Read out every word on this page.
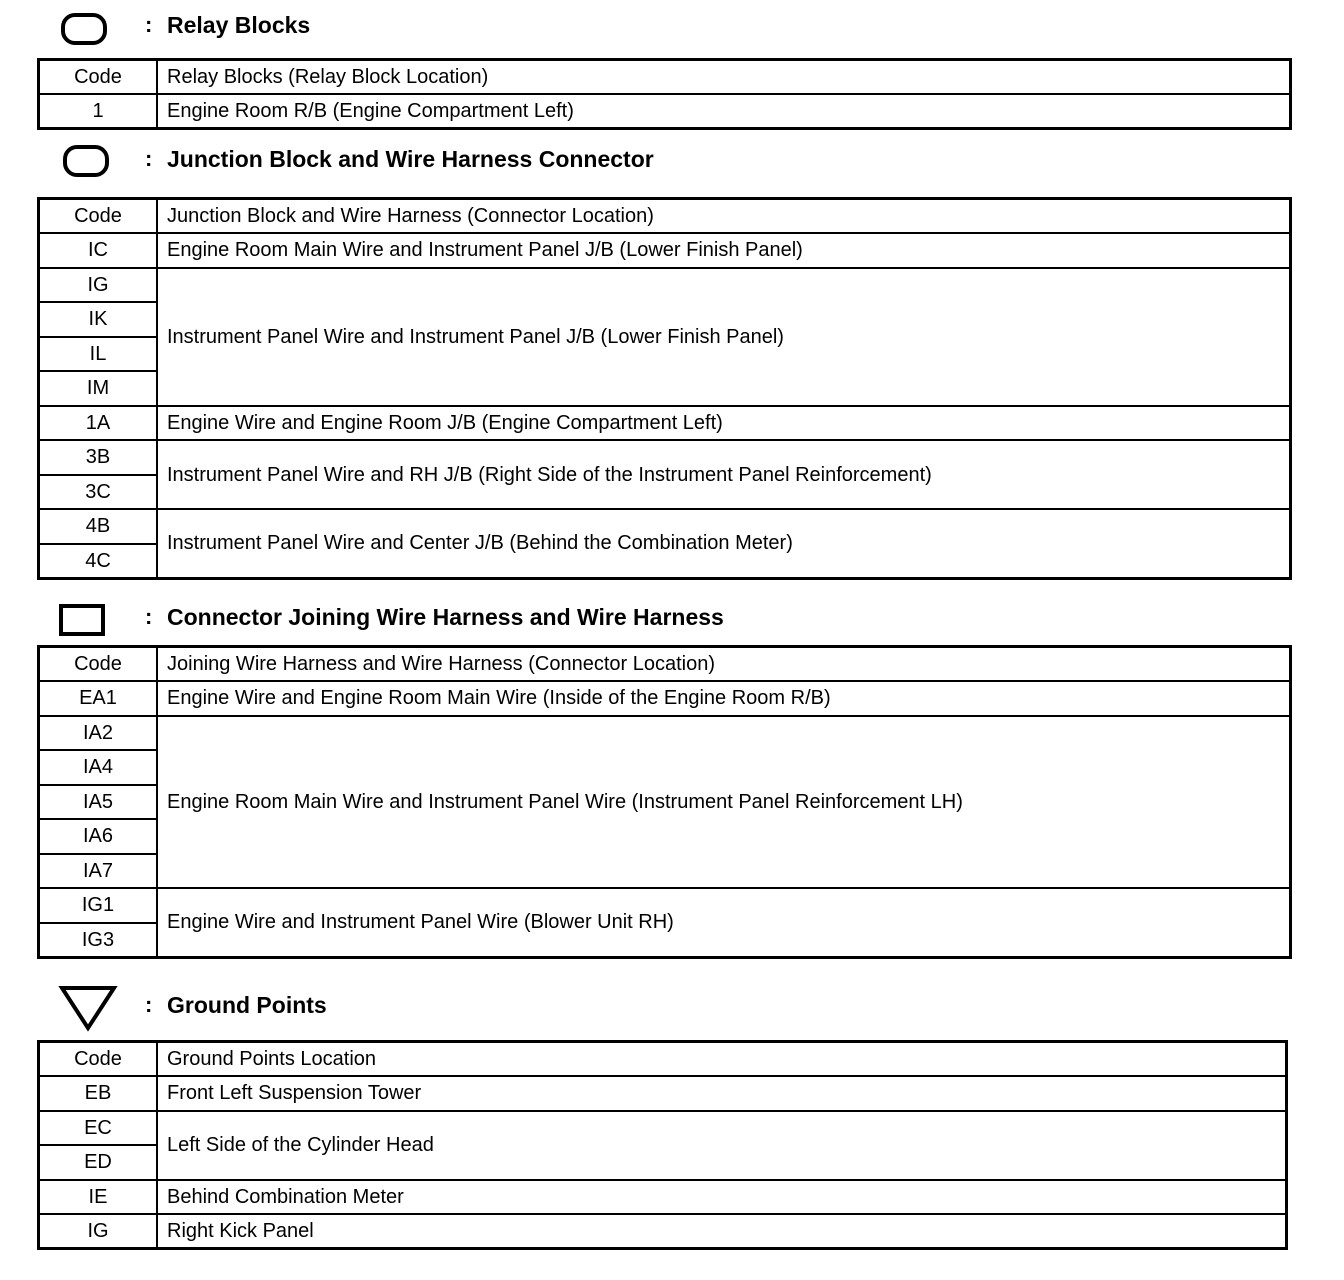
: Relay Blocks
Code	Relay Blocks (Relay Block Location)
1	Engine Room R/B (Engine Compartment Left)
: Junction Block and Wire Harness Connector
Code	Junction Block and Wire Harness (Connector Location)
IC	Engine Room Main Wire and Instrument Panel J/B (Lower Finish Panel)
IG	Instrument Panel Wire and Instrument Panel J/B (Lower Finish Panel)
IK	
IL	
IM	
1A	Engine Wire and Engine Room J/B (Engine Compartment Left)
3B	Instrument Panel Wire and RH J/B (Right Side of the Instrument Panel Reinforcement)
3C	
4B	Instrument Panel Wire and Center J/B (Behind the Combination Meter)
4C	
: Connector Joining Wire Harness and Wire Harness
Code	Joining Wire Harness and Wire Harness (Connector Location)
EA1	Engine Wire and Engine Room Main Wire (Inside of the Engine Room R/B)
IA2	Engine Room Main Wire and Instrument Panel Wire (Instrument Panel Reinforcement LH)
IA4	
IA5	
IA6	
IA7	
IG1	Engine Wire and Instrument Panel Wire (Blower Unit RH)
IG3	
: Ground Points
Code	Ground Points Location
EB	Front Left Suspension Tower
EC	Left Side of the Cylinder Head
ED	
IE	Behind Combination Meter
IG	Right Kick Panel
